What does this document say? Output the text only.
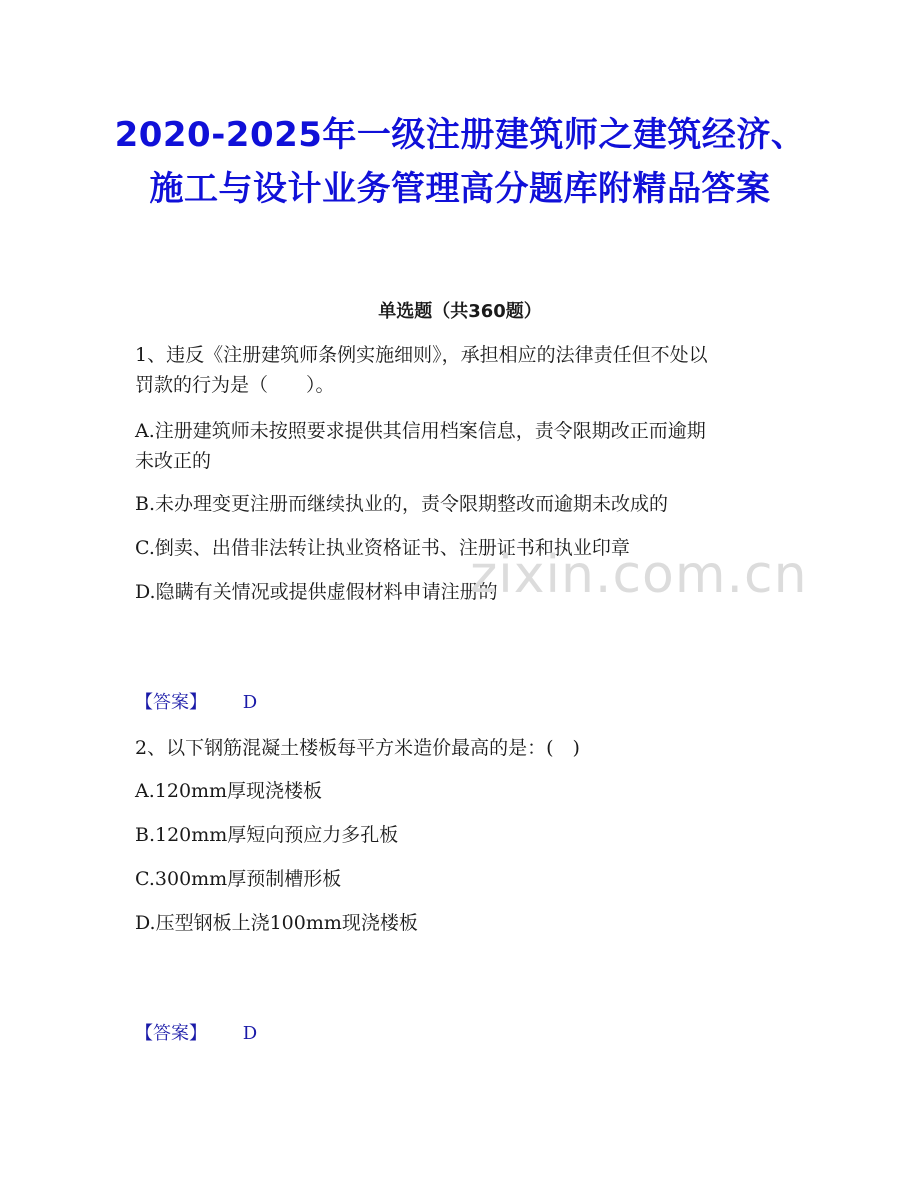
2020-2025年一级注册建筑师之建筑经济、施工与设计业务管理高分题库附精品答案
单选题（共360题）

1、违反《注册建筑师条例实施细则》，承担相应的法律责任但不处以

罚款的行为是（　　）。

A.注册建筑师未按照要求提供其信用档案信息，责令限期改正而逾期

未改正的

B.未办理变更注册而继续执业的，责令限期整改而逾期未改成的

C.倒卖、出借非法转让执业资格证书、注册证书和执业印章

D.隐瞒有关情况或提供虚假材料申请注册的

【答案】 D

2、以下钢筋混凝土楼板每平方米造价最高的是：(　)

A.120mm厚现浇楼板

B.120mm厚短向预应力多孔板

C.300mm厚预制槽形板

D.压型钢板上浇100mm现浇楼板

【答案】 D
zixin.com.cn
